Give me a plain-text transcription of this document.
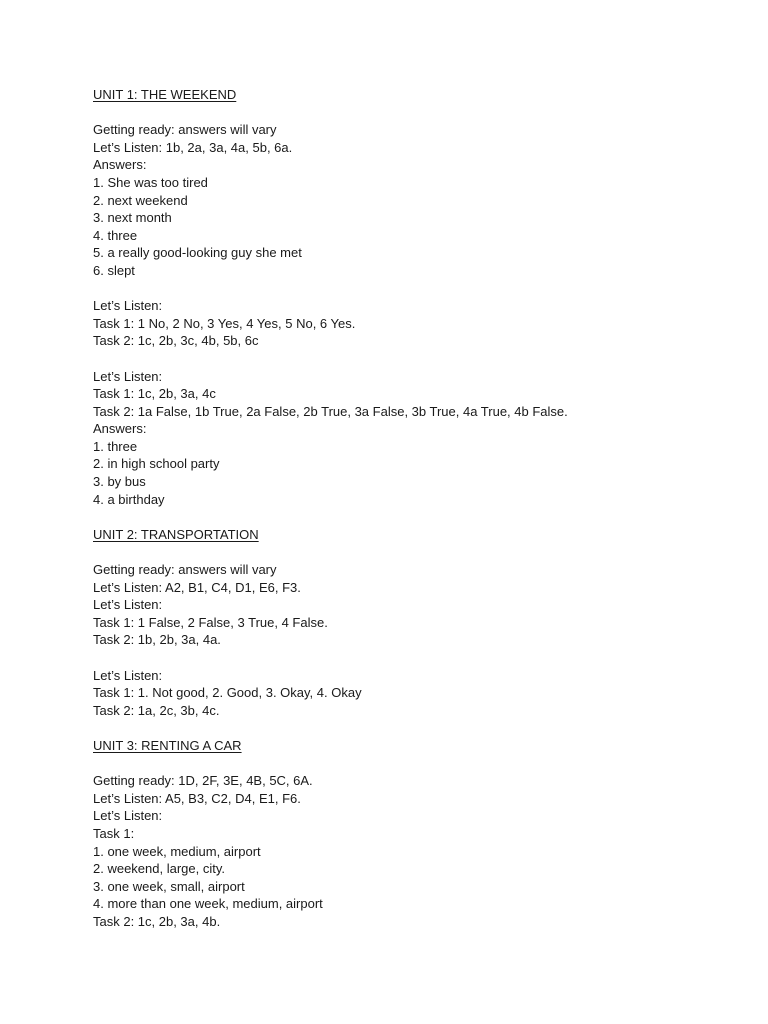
UNIT 1: THE WEEKEND
Getting ready: answers will vary
Let’s Listen: 1b, 2a, 3a, 4a, 5b, 6a.
Answers:
1. She was too tired
2. next weekend
3. next month
4. three
5. a really good-looking guy she met
6. slept
Let’s Listen:
Task 1: 1 No, 2 No, 3 Yes, 4 Yes, 5 No, 6 Yes.
Task 2: 1c, 2b, 3c, 4b, 5b, 6c
Let’s Listen:
Task 1: 1c, 2b, 3a, 4c
Task 2: 1a False, 1b True, 2a False, 2b True, 3a False, 3b True, 4a True, 4b False.
Answers:
1. three
2. in high school party
3. by bus
4. a birthday
UNIT 2: TRANSPORTATION
Getting ready: answers will vary
Let’s Listen: A2, B1, C4, D1, E6, F3.
Let’s Listen:
Task 1: 1 False, 2 False, 3 True, 4 False.
Task 2: 1b, 2b, 3a, 4a.
Let’s Listen:
Task 1: 1. Not good, 2. Good, 3. Okay, 4. Okay
Task 2: 1a, 2c, 3b, 4c.
UNIT 3: RENTING A CAR
Getting ready: 1D, 2F, 3E, 4B, 5C, 6A.
Let’s Listen: A5, B3, C2, D4, E1, F6.
Let’s Listen:
Task 1:
1. one week, medium, airport
2. weekend, large, city.
3. one week, small, airport
4. more than one week, medium, airport
Task 2: 1c, 2b, 3a, 4b.
